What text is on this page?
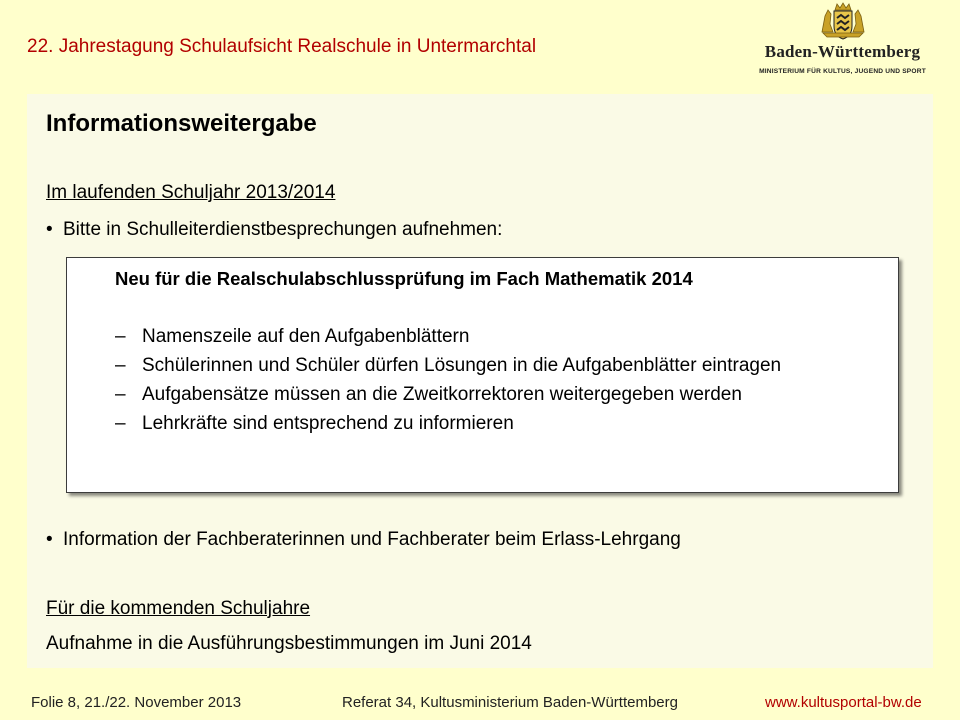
22. Jahrestagung Schulaufsicht Realschule in Untermarchtal	Baden-Württemberg
MINISTERIUM FÜR KULTUS, JUGEND UND SPORT
Informationsweitergabe
Im laufenden Schuljahr 2013/2014
• Bitte in Schulleiterdienstbesprechungen aufnehmen:
Neu für die Realschulabschlussprüfung im Fach Mathematik 2014
– Namenszeile auf den Aufgabenblättern
– Schülerinnen und Schüler dürfen Lösungen in die Aufgabenblätter eintragen
– Aufgabensätze müssen an die Zweitkorrektoren weitergegeben werden
– Lehrkräfte sind entsprechend zu informieren
• Information der Fachberaterinnen und Fachberater beim Erlass-Lehrgang
Für die kommenden Schuljahre
Aufnahme in die Ausführungsbestimmungen im Juni 2014
Folie 8, 21./22. November 2013	Referat 34, Kultusministerium Baden-Württemberg	www.kultusportal-bw.de
